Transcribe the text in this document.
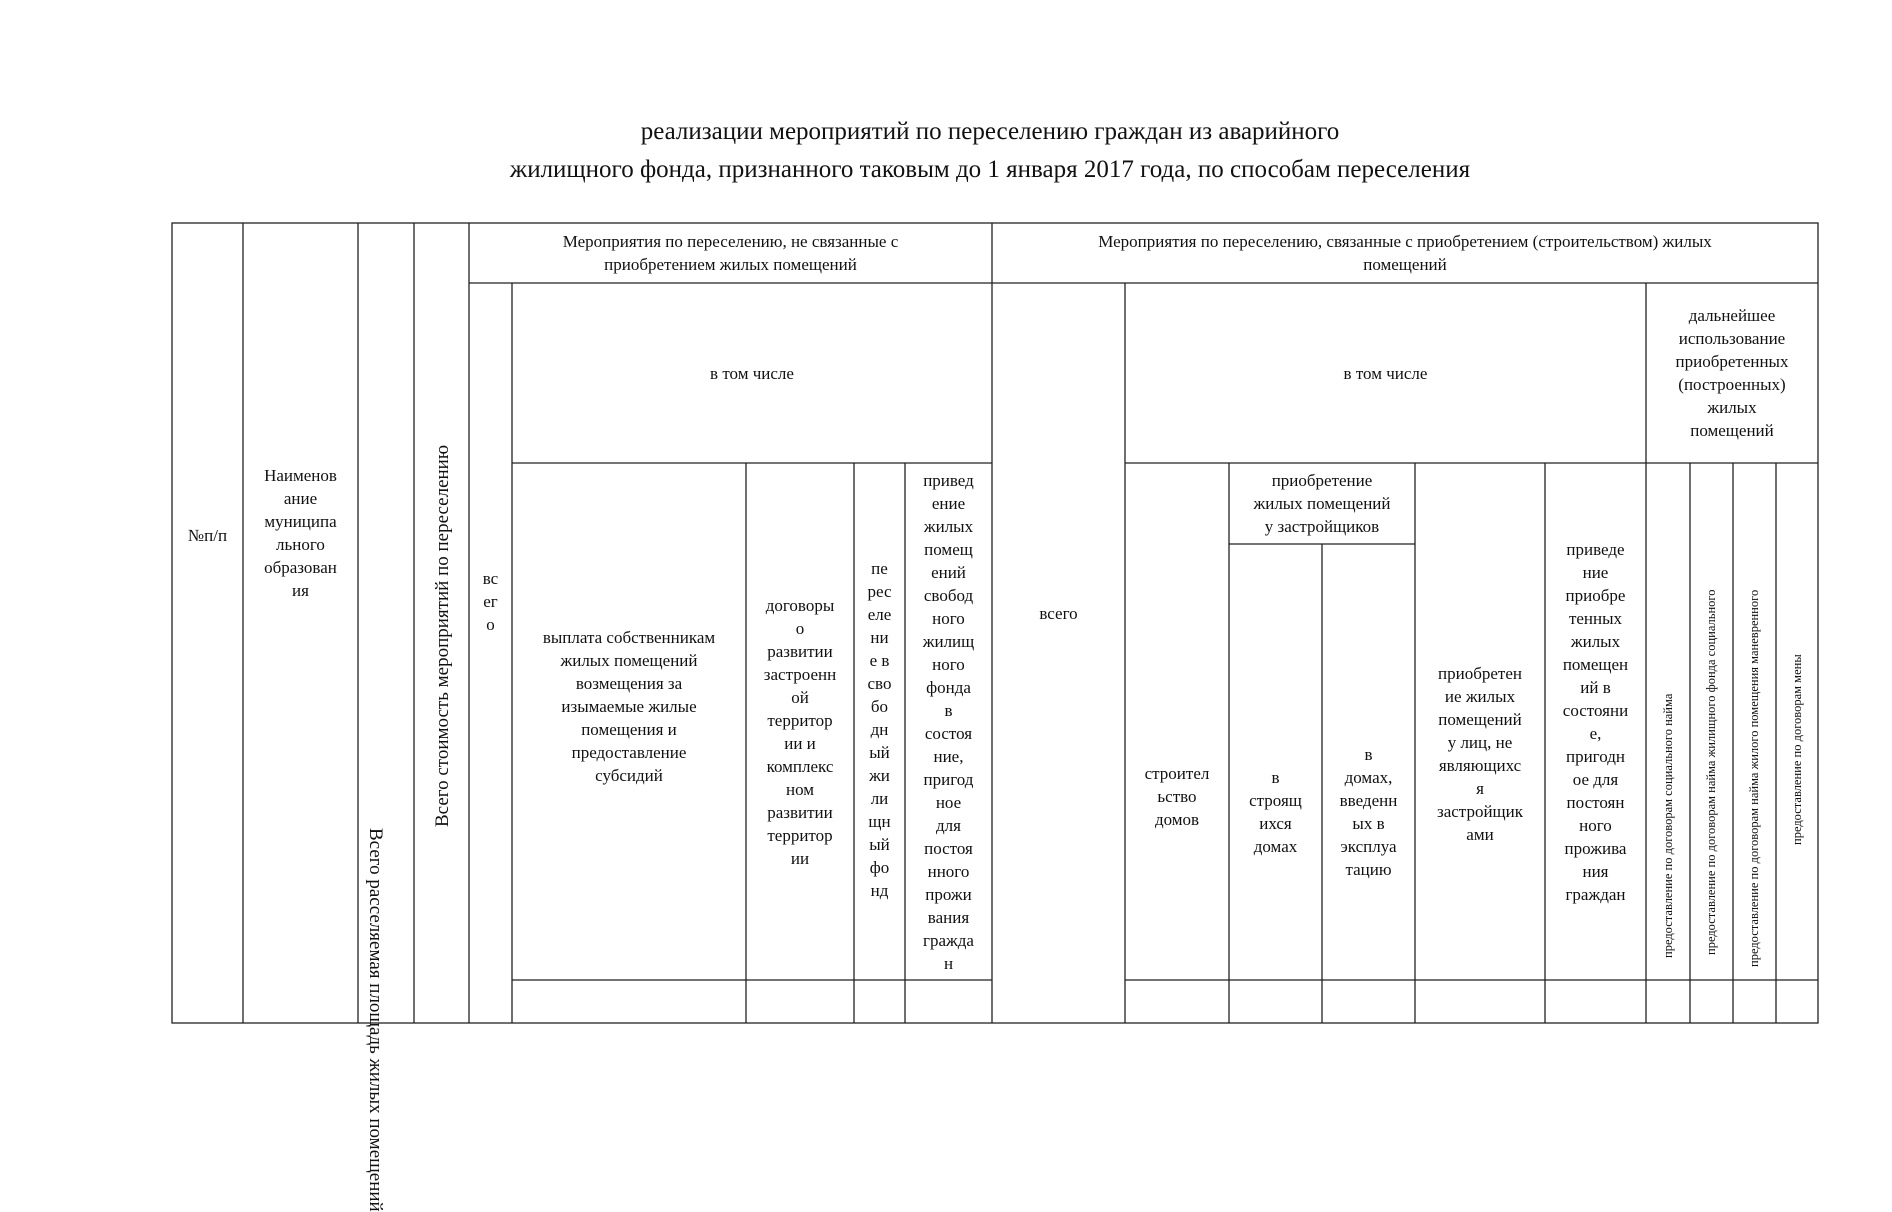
реализации мероприятий по переселению граждан из аварийного
жилищного фонда, признанного таковым до 1 января 2017 года, по способам переселения
№п/п
Наименов
ание
муниципа
льного
образован
ия
Всего расселяемая площадь жилых помещений
Всего стоимость мероприятий по переселению
Мероприятия по переселению, не связанные с
приобретением жилых помещений
Мероприятия по переселению, связанные с приобретением (строительством) жилых
помещений
вс
ег
о
в том числе
выплата собственникам
жилых помещений
возмещения за
изымаемые жилые
помещения и
предоставление
субсидий
договоры
о
развитии
застроенн
ой
территор
ии и
комплекс
ном
развитии
территор
ии
пе
рес
еле
ни
е в
сво
бо
дн
ый
жи
ли
щн
ый
фо
нд
привед
ение
жилых
помещ
ений
свобод
ного
жилищ
ного
фонда
в
состоя
ние,
пригод
ное
для
постоя
нного
прожи
вания
гражда
н
всего
в том числе
дальнейшее
использование
приобретенных
(построенных)
жилых
помещений
строител
ьство
домов
приобретение
жилых помещений
у застройщиков
в
строящ
ихся
домах
в
домах,
введенн
ых в
эксплуа
тацию
приобретен
ие жилых
помещений
у лиц, не
являющихс
я
застройщик
ами
приведе
ние
приобре
тенных
жилых
помещен
ий в
состояни
е,
пригодн
ое для
постоян
ного
прожива
ния
граждан	предоставление по договорам социального найма предоставление по договорам найма жилищного фонда социального предоставление по договорам найма жилого помещения маневренного предоставление по договорам мены
